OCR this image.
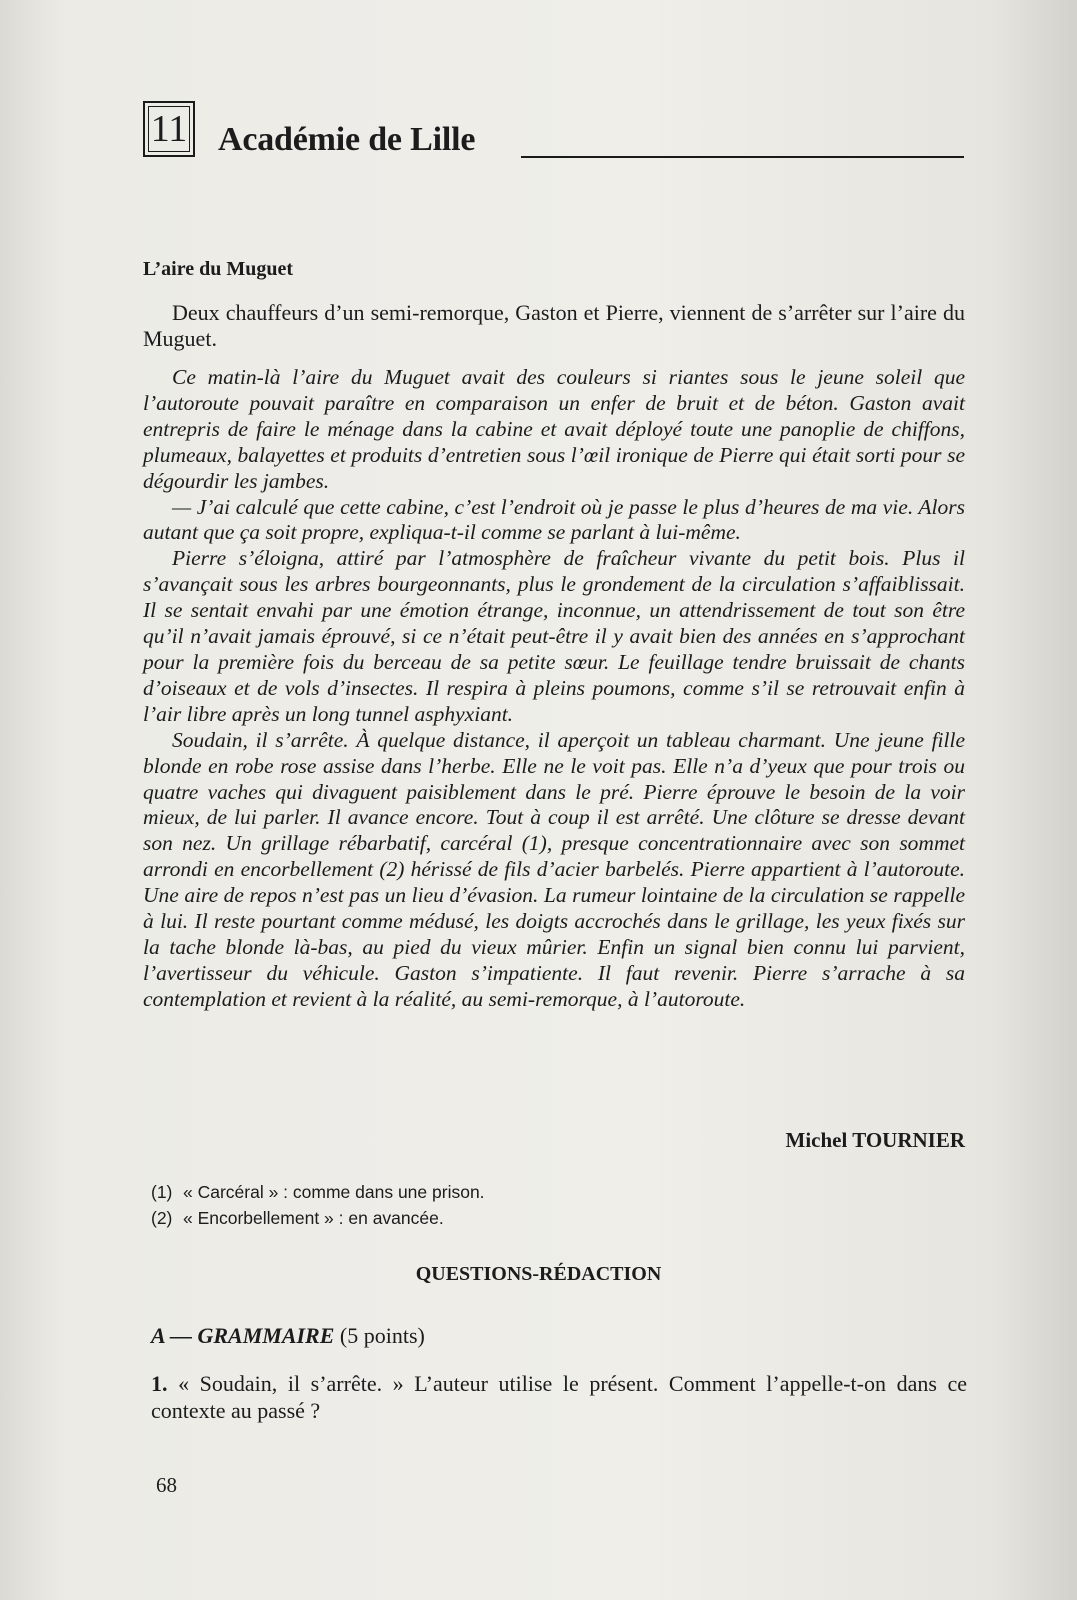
11 Académie de Lille
L’aire du Muguet
Deux chauffeurs d’un semi-remorque, Gaston et Pierre, viennent de s’arrêter sur l’aire du Muguet.

Ce matin-là l’aire du Muguet avait des couleurs si riantes sous le jeune soleil que l’autoroute pouvait paraître en comparaison un enfer de bruit et de béton. Gaston avait entrepris de faire le ménage dans la cabine et avait déployé toute une panoplie de chiffons, plumeaux, balayettes et produits d’entretien sous l’œil ironique de Pierre qui était sorti pour se dégourdir les jambes.

— J’ai calculé que cette cabine, c’est l’endroit où je passe le plus d’heures de ma vie. Alors autant que ça soit propre, expliqua-t-il comme se parlant à lui-même.

Pierre s’éloigna, attiré par l’atmosphère de fraîcheur vivante du petit bois. Plus il s’avançait sous les arbres bourgeonnants, plus le grondement de la circulation s’affaiblissait. Il se sentait envahi par une émotion étrange, inconnue, un attendrissement de tout son être qu’il n’avait jamais éprouvé, si ce n’était peut-être il y avait bien des années en s’approchant pour la première fois du berceau de sa petite sœur. Le feuillage tendre bruissait de chants d’oiseaux et de vols d’insectes. Il respira à pleins poumons, comme s’il se retrouvait enfin à l’air libre après un long tunnel asphyxiant.

Soudain, il s’arrête. À quelque distance, il aperçoit un tableau charmant. Une jeune fille blonde en robe rose assise dans l’herbe. Elle ne le voit pas. Elle n’a d’yeux que pour trois ou quatre vaches qui divaguent paisiblement dans le pré. Pierre éprouve le besoin de la voir mieux, de lui parler. Il avance encore. Tout à coup il est arrêté. Une clôture se dresse devant son nez. Un grillage rébarbatif, carcéral (1), presque concentrationnaire avec son sommet arrondi en encorbellement (2) hérissé de fils d’acier barbelés. Pierre appartient à l’autoroute. Une aire de repos n’est pas un lieu d’évasion. La rumeur lointaine de la circulation se rappelle à lui. Il reste pourtant comme médusé, les doigts accrochés dans le grillage, les yeux fixés sur la tache blonde là-bas, au pied du vieux mûrier. Enfin un signal bien connu lui parvient, l’avertisseur du véhicule. Gaston s’impatiente. Il faut revenir. Pierre s’arrache à sa contemplation et revient à la réalité, au semi-remorque, à l’autoroute.

Michel TOURNIER
(1) « Carcéral » : comme dans une prison.
(2) « Encorbellement » : en avancée.
QUESTIONS-RÉDACTION
A — GRAMMAIRE (5 points)
1. « Soudain, il s’arrête. » L’auteur utilise le présent. Comment l’appelle-t-on dans ce contexte au passé ?
68
